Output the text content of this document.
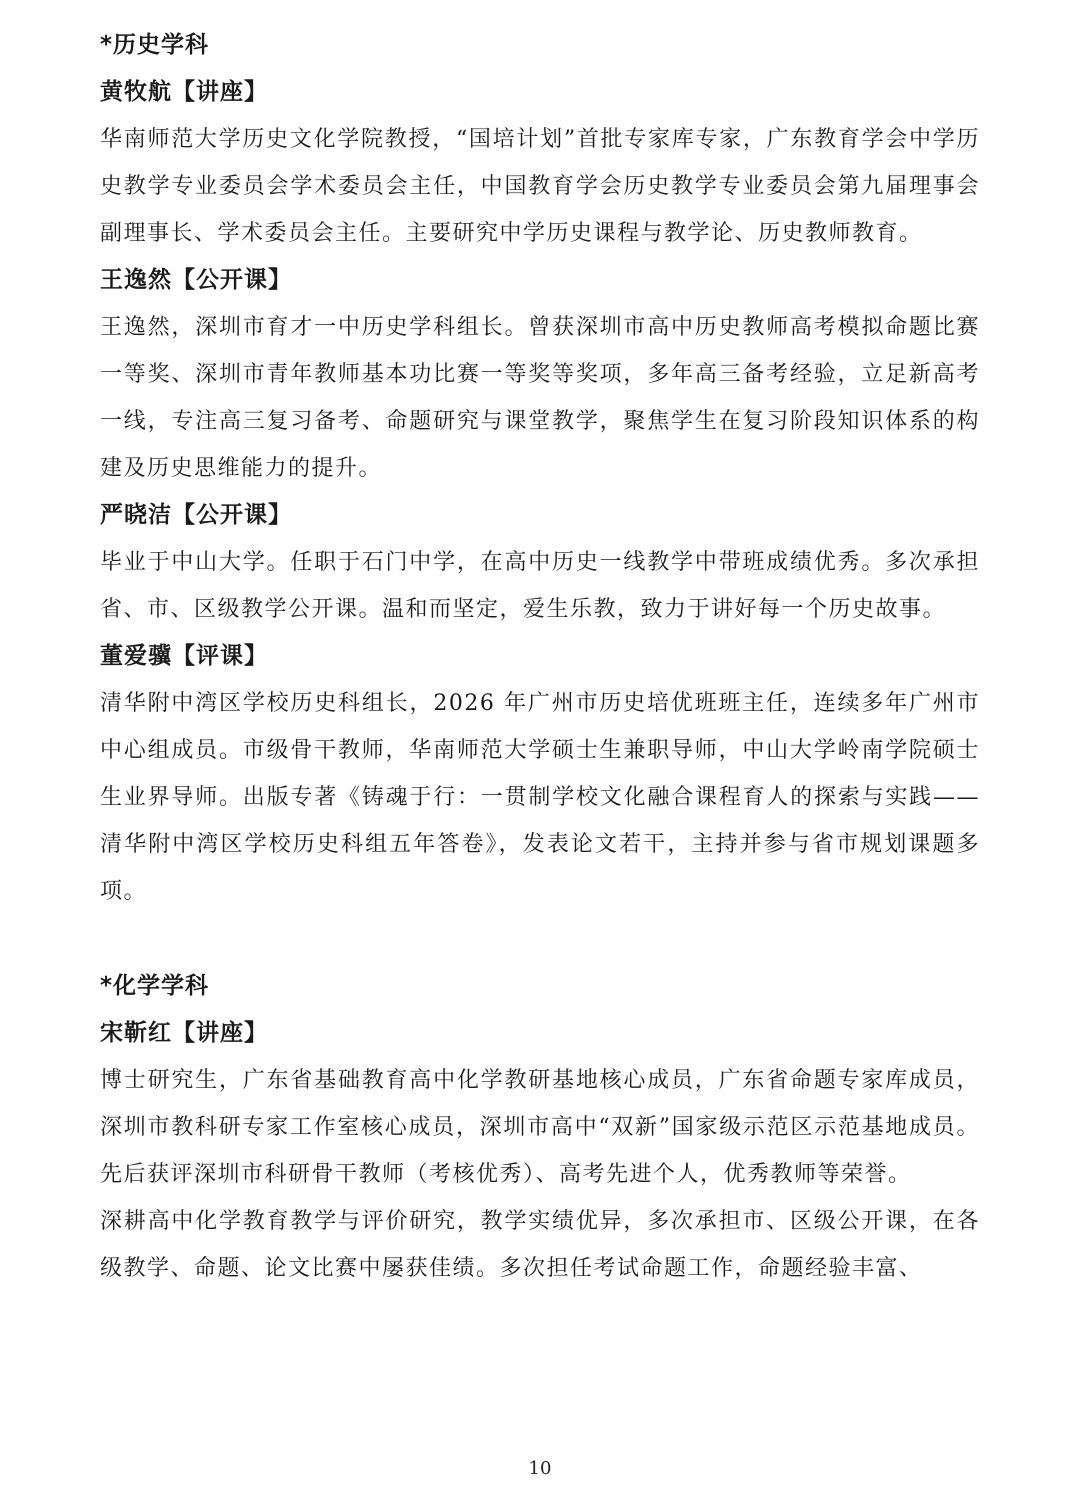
*历史学科
黄牧航【讲座】

华南师范大学历史文化学院教授，“国培计划”首批专家库专家，广东教育学会中学历史教学专业委员会学术委员会主任，中国教育学会历史教学专业委员会第九届理事会副理事长、学术委员会主任。主要研究中学历史课程与教学论、历史教师教育。

王逸然【公开课】

王逸然，深圳市育才一中历史学科组长。曾获深圳市高中历史教师高考模拟命题比赛一等奖、深圳市青年教师基本功比赛一等奖等奖项，多年高三备考经验，立足新高考一线，专注高三复习备考、命题研究与课堂教学，聚焦学生在复习阶段知识体系的构建及历史思维能力的提升。

严晓洁【公开课】

毕业于中山大学。任职于石门中学，在高中历史一线教学中带班成绩优秀。多次承担省、市、区级教学公开课。温和而坚定，爱生乐教，致力于讲好每一个历史故事。

董爱骥【评课】

清华附中湾区学校历史科组长，2026 年广州市历史培优班班主任，连续多年广州市中心组成员。市级骨干教师，华南师范大学硕士生兼职导师，中山大学岭南学院硕士生业界导师。出版专著《铸魂于行：一贯制学校文化融合课程育人的探索与实践——清华附中湾区学校历史科组五年答卷》，发表论文若干，主持并参与省市规划课题多项。

*化学学科
宋靳红【讲座】

博士研究生，广东省基础教育高中化学教研基地核心成员，广东省命题专家库成员，深圳市教科研专家工作室核心成员，深圳市高中“双新”国家级示范区示范基地成员。先后获评深圳市科研骨干教师（考核优秀）、高考先进个人，优秀教师等荣誉。

深耕高中化学教育教学与评价研究，教学实绩优异，多次承担市、区级公开课，在各级教学、命题、论文比赛中屡获佳绩。多次担任考试命题工作，命题经验丰富、

10
